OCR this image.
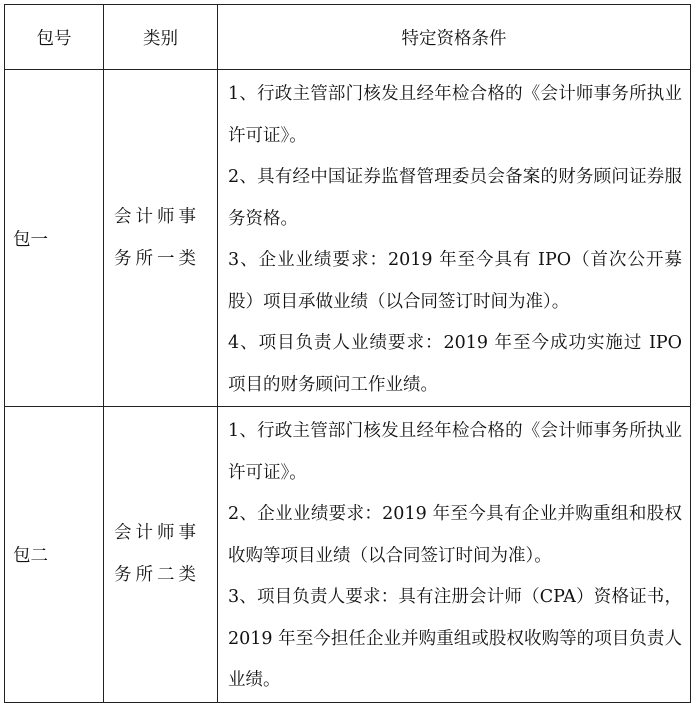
包号	类别	特定资格条件
包一	会计师事务所一类	1、行政主管部门核发且经年检合格的《会计师事务所执业许可证》。
2、具有经中国证券监督管理委员会备案的财务顾问证券服务资格。
3、企业业绩要求：2019 年至今具有 IPO（首次公开募股）项目承做业绩（以合同签订时间为准）。
4、项目负责人业绩要求：2019 年至今成功实施过 IPO 项目的财务顾问工作业绩。

包二	会计师事务所二类	1、行政主管部门核发且经年检合格的《会计师事务所执业许可证》。
2、企业业绩要求：2019 年至今具有企业并购重组和股权收购等项目业绩（以合同签订时间为准）。
3、项目负责人要求：具有注册会计师（CPA）资格证书，2019 年至今担任企业并购重组或股权收购等的项目负责人业绩。
